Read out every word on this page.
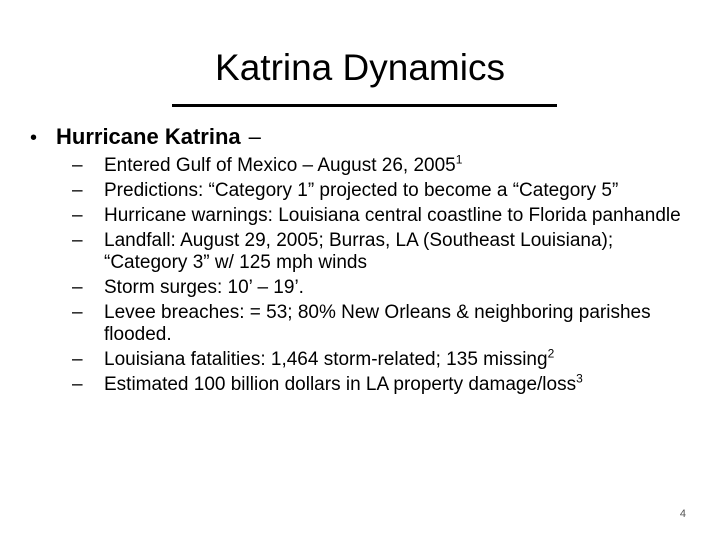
Katrina Dynamics
• Hurricane Katrina –
–	Entered Gulf of Mexico – August 26, 2005$^1$
–	Predictions: “Category 1” projected to become a “Category 5”
–	Hurricane warnings: Louisiana central coastline to Florida panhandle
–	Landfall: August 29, 2005; Burras, LA (Southeast Louisiana); “Category 3” w/ 125 mph winds
–	Storm surges: 10’ – 19’.
–	Levee breaches: = 53; 80% New Orleans & neighboring parishes flooded.
–	Louisiana fatalities: 1,464 storm-related; 135 missing$^2$
–	Estimated 100 billion dollars in LA property damage/loss$^3$
4
